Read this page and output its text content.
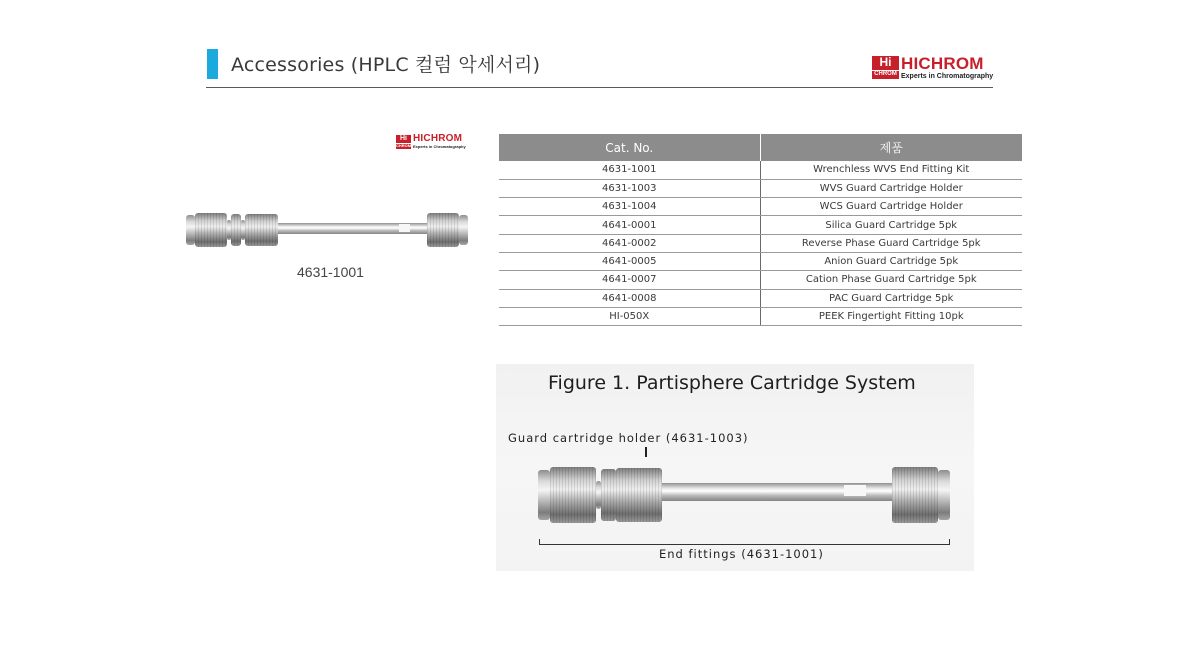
Accessories (HPLC 컬럼 악세서리)	Hi
CHROM
HICHROM
Experts in Chromatography
Hi
CHROM
HICHROM
Experts in Chromatography
4631-1001
Cat. No.	제품
4631-1001	Wrenchless WVS End Fitting Kit
4631-1003	WVS Guard Cartridge Holder
4631-1004	WCS Guard Cartridge Holder
4641-0001	Silica Guard Cartridge 5pk
4641-0002	Reverse Phase Guard Cartridge 5pk
4641-0005	Anion Guard Cartridge 5pk
4641-0007	Cation Phase Guard Cartridge 5pk
4641-0008	PAC Guard Cartridge 5pk
HI-050X	PEEK Fingertight Fitting 10pk
Figure 1. Partisphere Cartridge System
Guard cartridge holder (4631-1003)
End fittings (4631-1001)
